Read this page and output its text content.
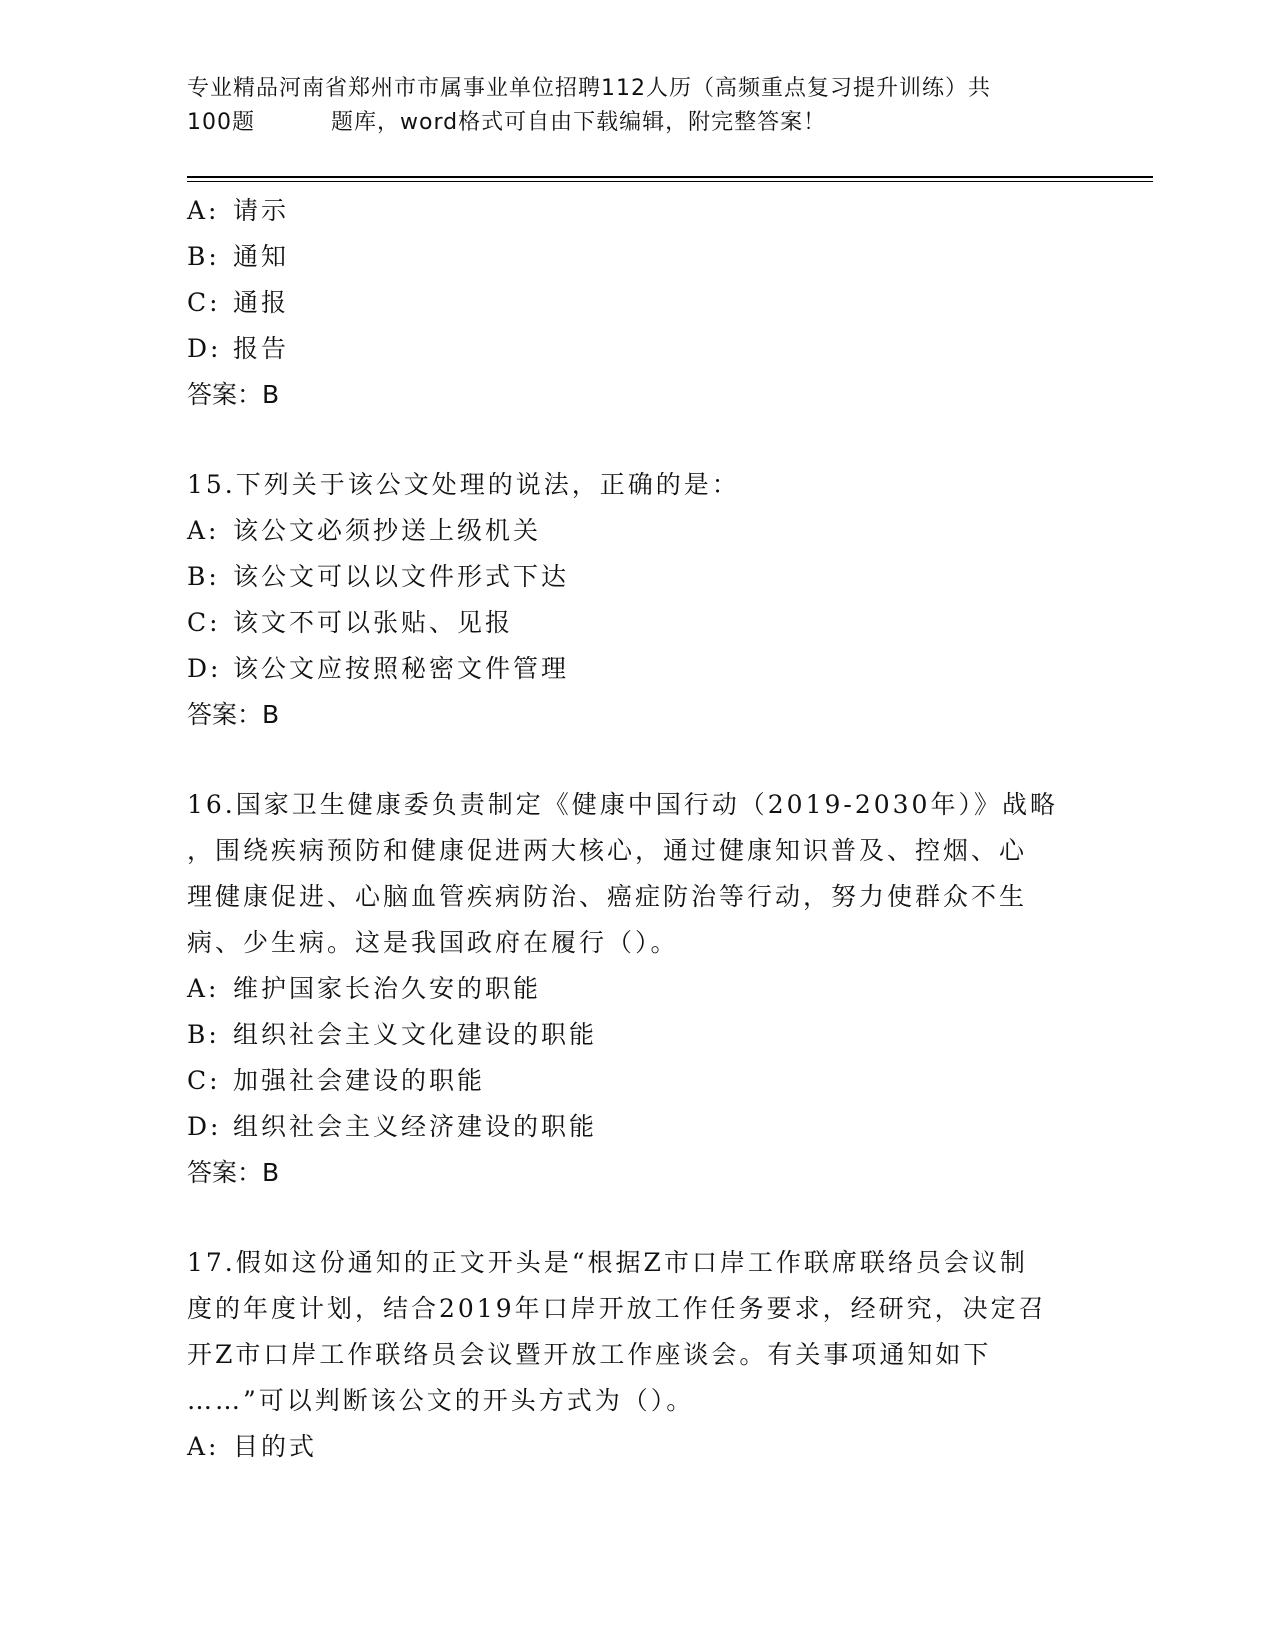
专业精品河南省郑州市市属事业单位招聘112人历（高频重点复习提升训练）共
100题	题库，word格式可自由下载编辑，附完整答案！
A: 请示
B: 通知
C: 通报
D: 报告
答案：B
15.下列关于该公文处理的说法，正确的是：
A: 该公文必须抄送上级机关
B: 该公文可以以文件形式下达
C: 该文不可以张贴、见报
D: 该公文应按照秘密文件管理
答案：B
16.国家卫生健康委负责制定《健康中国行动（2019-2030年）》战略
，围绕疾病预防和健康促进两大核心，通过健康知识普及、控烟、心
理健康促进、心脑血管疾病防治、癌症防治等行动，努力使群众不生
病、少生病。这是我国政府在履行（）。
A: 维护国家长治久安的职能
B: 组织社会主义文化建设的职能
C: 加强社会建设的职能
D: 组织社会主义经济建设的职能
答案：B
17.假如这份通知的正文开头是“根据Z市口岸工作联席联络员会议制
度的年度计划，结合2019年口岸开放工作任务要求，经研究，决定召
开Z市口岸工作联络员会议暨开放工作座谈会。有关事项通知如下
……”可以判断该公文的开头方式为（）。
A: 目的式
